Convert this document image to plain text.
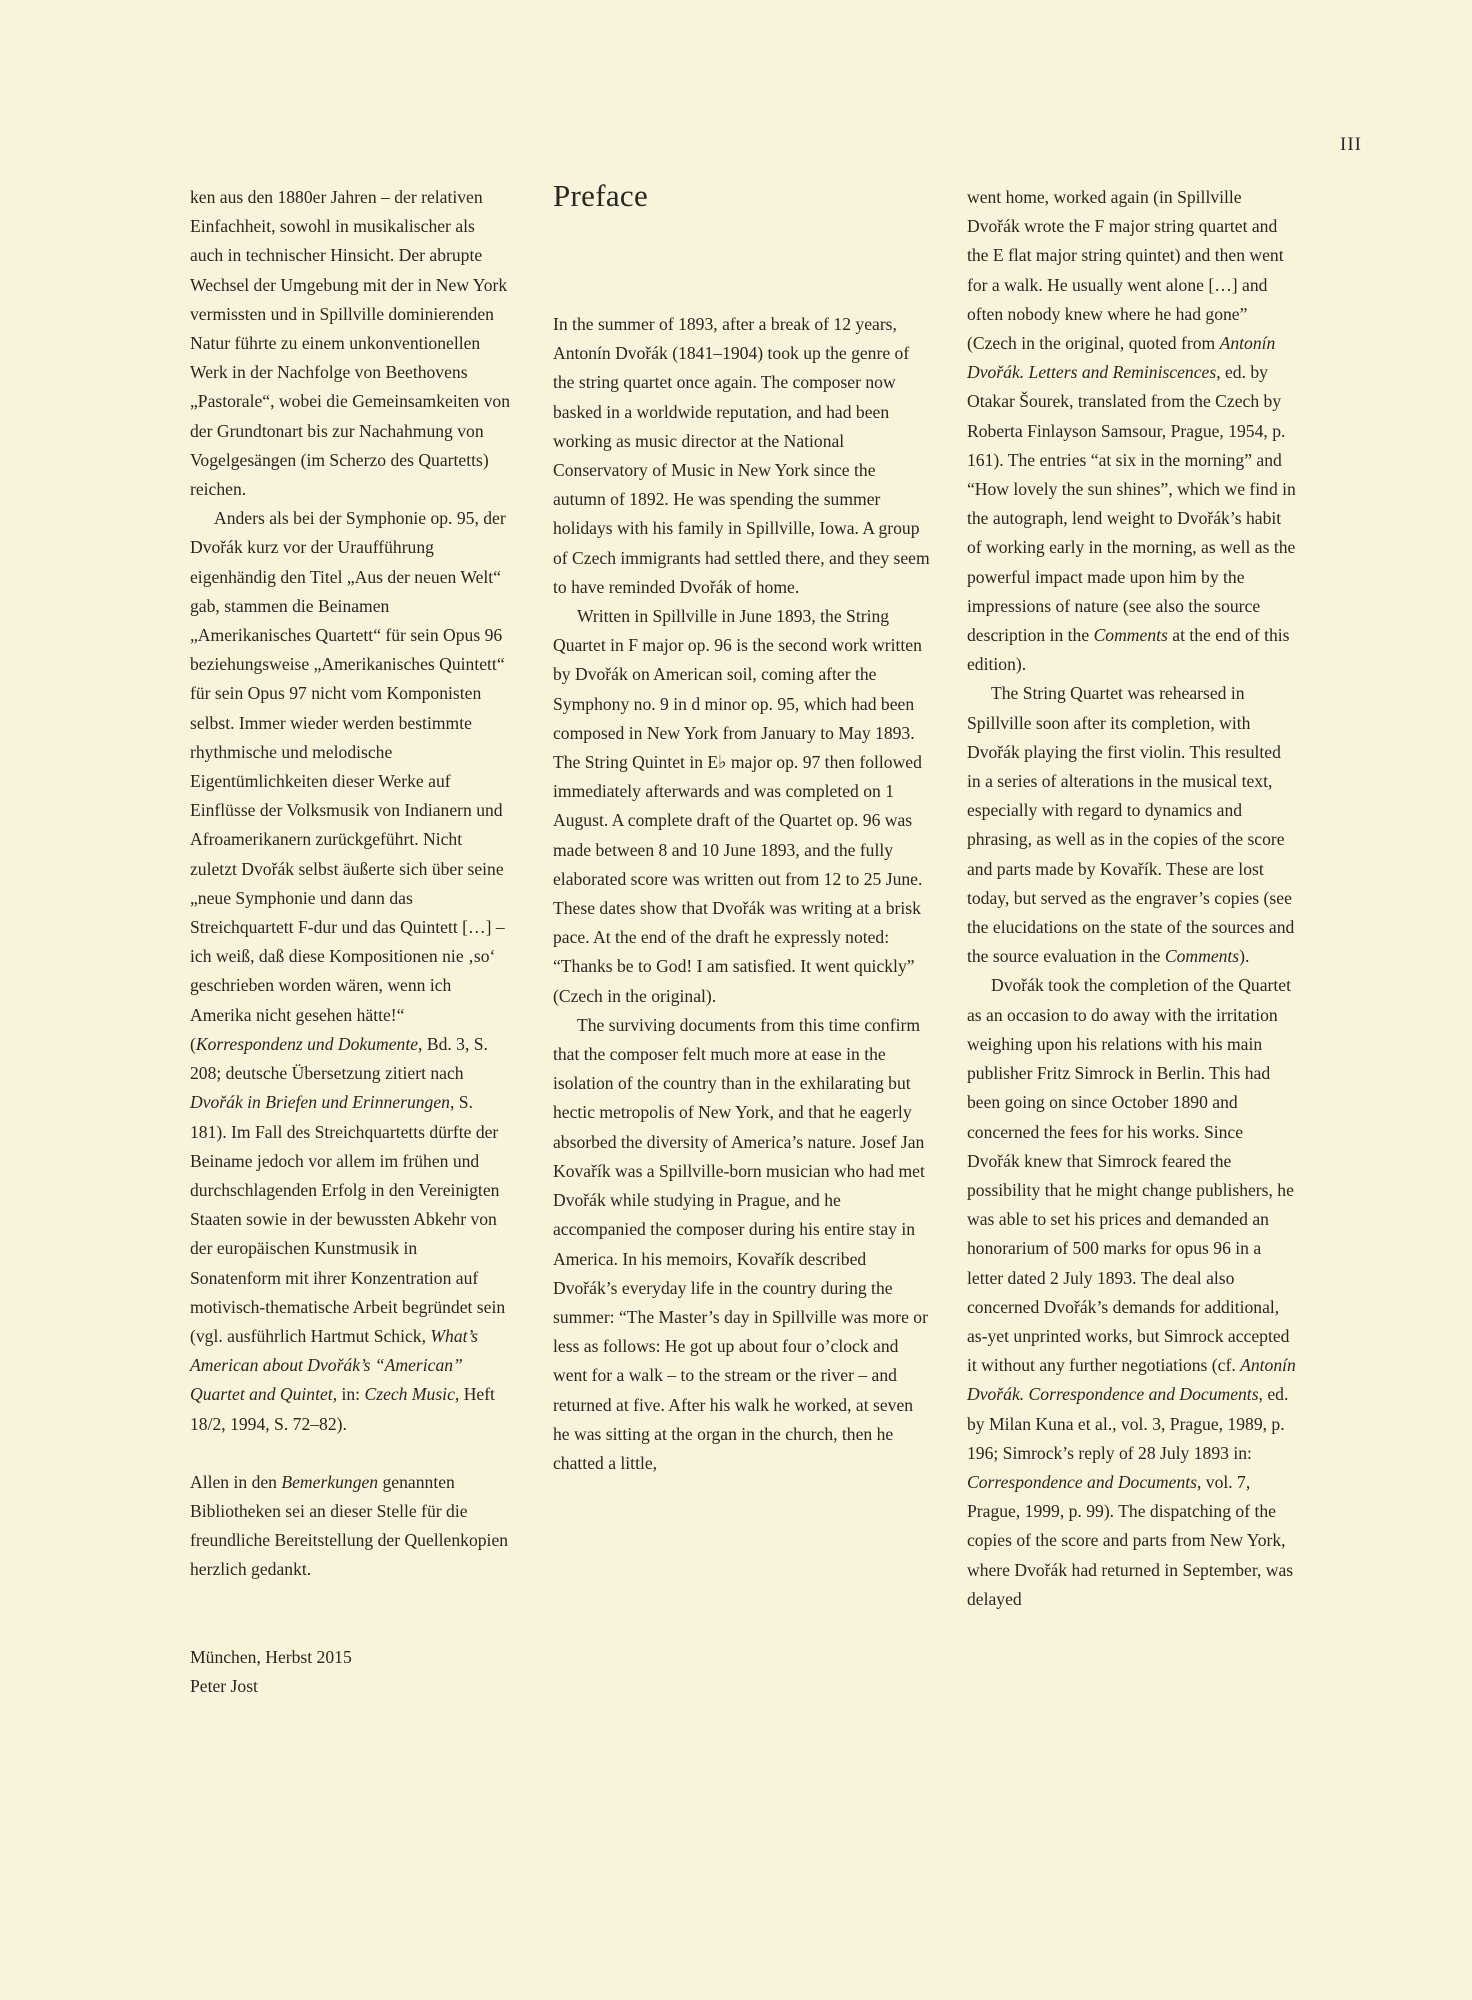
III

ken aus den 1880er Jahren – der relativen Einfachheit, sowohl in musikalischer als auch in technischer Hinsicht. Der abrupte Wechsel der Umgebung mit der in New York vermissten und in Spillville dominierenden Natur führte zu einem unkonventionellen Werk in der Nachfolge von Beethovens „Pastorale“, wobei die Gemeinsamkeiten von der Grundtonart bis zur Nachahmung von Vogelgesängen (im Scherzo des Quartetts) reichen.

Anders als bei der Symphonie op. 95, der Dvořák kurz vor der Uraufführung eigenhändig den Titel „Aus der neuen Welt“ gab, stammen die Beinamen „Amerikanisches Quartett“ für sein Opus 96 beziehungsweise „Amerikanisches Quintett“ für sein Opus 97 nicht vom Komponisten selbst. Immer wieder werden bestimmte rhythmische und melodische Eigentümlichkeiten dieser Werke auf Einflüsse der Volksmusik von Indianern und Afroamerikanern zurückgeführt. Nicht zuletzt Dvořák selbst äußerte sich über seine „neue Symphonie und dann das Streichquartett F-dur und das Quintett […] – ich weiß, daß diese Kompositionen nie ‚so‘ geschrieben worden wären, wenn ich Amerika nicht gesehen hätte!“ (Korrespondenz und Dokumente, Bd. 3, S. 208; deutsche Übersetzung zitiert nach Dvořák in Briefen und Erinnerungen, S. 181). Im Fall des Streichquartetts dürfte der Beiname jedoch vor allem im frühen und durchschlagenden Erfolg in den Vereinigten Staaten sowie in der bewussten Abkehr von der europäischen Kunstmusik in Sonatenform mit ihrer Konzentration auf motivisch-thematische Arbeit begründet sein (vgl. ausführlich Hartmut Schick, What’s American about Dvořák’s “American” Quartet and Quintet, in: Czech Music, Heft 18/2, 1994, S. 72–82).

Allen in den Bemerkungen genannten Bibliotheken sei an dieser Stelle für die freundliche Bereitstellung der Quellenkopien herzlich gedankt.

München, Herbst 2015

Peter Jost

Preface

In the summer of 1893, after a break of 12 years, Antonín Dvořák (1841–1904) took up the genre of the string quartet once again. The composer now basked in a worldwide reputation, and had been working as music director at the National Conservatory of Music in New York since the autumn of 1892. He was spending the summer holidays with his family in Spillville, Iowa. A group of Czech immigrants had settled there, and they seem to have reminded Dvořák of home.

Written in Spillville in June 1893, the String Quartet in F major op. 96 is the second work written by Dvořák on American soil, coming after the Symphony no. 9 in d minor op. 95, which had been composed in New York from January to May 1893. The String Quintet in E♭ major op. 97 then followed immediately afterwards and was completed on 1 August. A complete draft of the Quartet op. 96 was made between 8 and 10 June 1893, and the fully elaborated score was written out from 12 to 25 June. These dates show that Dvořák was writing at a brisk pace. At the end of the draft he expressly noted: “Thanks be to God! I am satisfied. It went quickly” (Czech in the original).

The surviving documents from this time confirm that the composer felt much more at ease in the isolation of the country than in the exhilarating but hectic metropolis of New York, and that he eagerly absorbed the diversity of America’s nature. Josef Jan Kovařík was a Spillville-born musician who had met Dvořák while studying in Prague, and he accompanied the composer during his entire stay in America. In his memoirs, Kovařík described Dvořák’s everyday life in the country during the summer: “The Master’s day in Spillville was more or less as follows: He got up about four o’clock and went for a walk – to the stream or the river – and returned at five. After his walk he worked, at seven he was sitting at the organ in the church, then he chatted a little,

went home, worked again (in Spillville Dvořák wrote the F major string quartet and the E flat major string quintet) and then went for a walk. He usually went alone […] and often nobody knew where he had gone” (Czech in the original, quoted from Antonín Dvořák. Letters and Reminiscences, ed. by Otakar Šourek, translated from the Czech by Roberta Finlayson Samsour, Prague, 1954, p. 161). The entries “at six in the morning” and “How lovely the sun shines”, which we find in the autograph, lend weight to Dvořák’s habit of working early in the morning, as well as the powerful impact made upon him by the impressions of nature (see also the source description in the Comments at the end of this edition).

The String Quartet was rehearsed in Spillville soon after its completion, with Dvořák playing the first violin. This resulted in a series of alterations in the musical text, especially with regard to dynamics and phrasing, as well as in the copies of the score and parts made by Kovařík. These are lost today, but served as the engraver’s copies (see the elucidations on the state of the sources and the source evaluation in the Comments).

Dvořák took the completion of the Quartet as an occasion to do away with the irritation weighing upon his relations with his main publisher Fritz Simrock in Berlin. This had been going on since October 1890 and concerned the fees for his works. Since Dvořák knew that Simrock feared the possibility that he might change publishers, he was able to set his prices and demanded an honorarium of 500 marks for opus 96 in a letter dated 2 July 1893. The deal also concerned Dvořák’s demands for additional, as-yet unprinted works, but Simrock accepted it without any further negotiations (cf. Antonín Dvořák. Correspondence and Documents, ed. by Milan Kuna et al., vol. 3, Prague, 1989, p. 196; Simrock’s reply of 28 July 1893 in: Correspondence and Documents, vol. 7, Prague, 1999, p. 99). The dispatching of the copies of the score and parts from New York, where Dvořák had returned in September, was delayed
